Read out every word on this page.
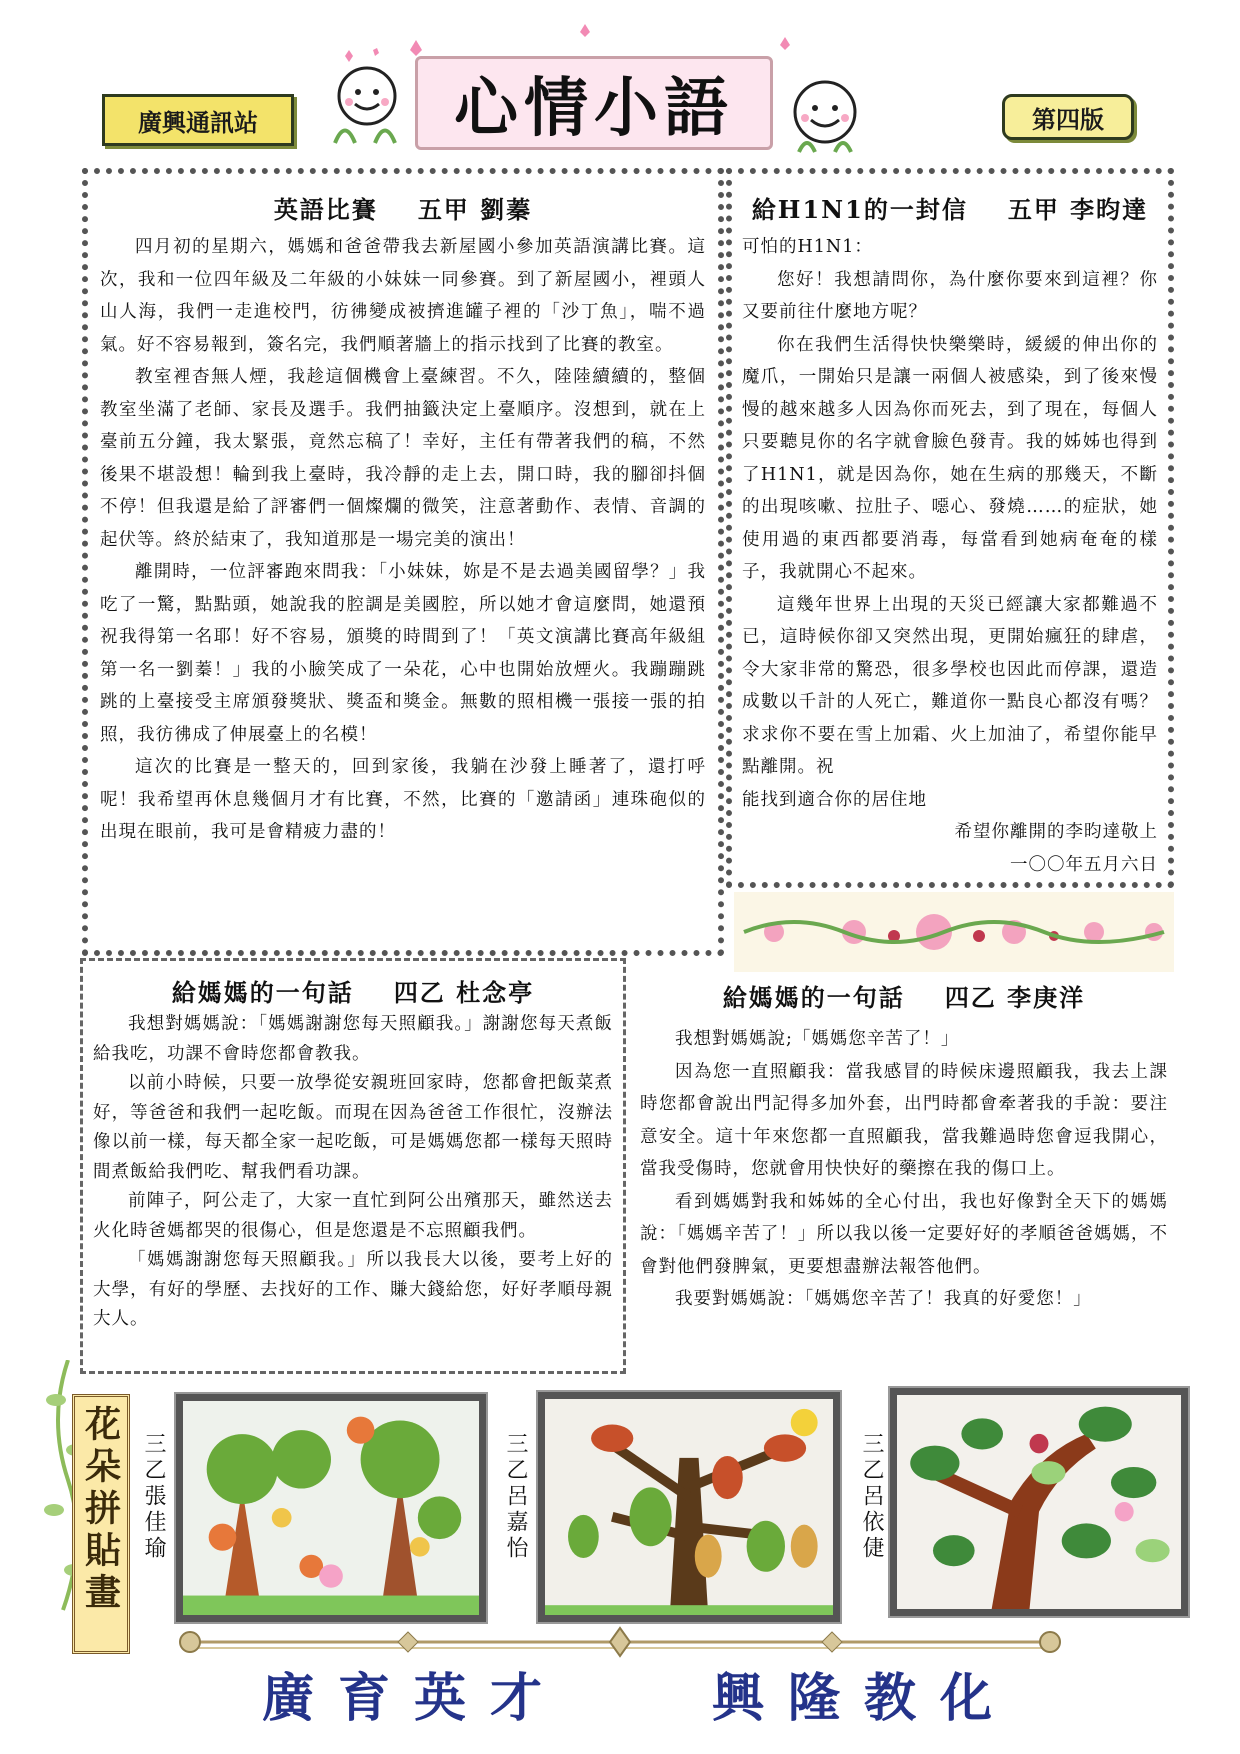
廣興通訊站	心情小語	第四版
英語比賽 五甲 劉蓁

四月初的星期六，媽媽和爸爸帶我去新屋國小參加英語演講比賽。這次，我和一位四年級及二年級的小妹妹一同參賽。到了新屋國小，裡頭人山人海，我們一走進校門，彷彿變成被擠進罐子裡的「沙丁魚」，喘不過氣。好不容易報到，簽名完，我們順著牆上的指示找到了比賽的教室。

教室裡杳無人煙，我趁這個機會上臺練習。不久，陸陸續續的，整個教室坐滿了老師、家長及選手。我們抽籤決定上臺順序。沒想到，就在上臺前五分鐘，我太緊張，竟然忘稿了！幸好，主任有帶著我們的稿，不然後果不堪設想！輪到我上臺時，我冷靜的走上去，開口時，我的腳卻抖個不停！但我還是給了評審們一個燦爛的微笑，注意著動作、表情、音調的起伏等。終於結束了，我知道那是一場完美的演出！

離開時，一位評審跑來問我：「小妹妹，妳是不是去過美國留學？」我吃了一驚，點點頭，她說我的腔調是美國腔，所以她才會這麼問，她還預祝我得第一名耶！好不容易，頒獎的時間到了！「英文演講比賽高年級組第一名一劉蓁！」我的小臉笑成了一朵花，心中也開始放煙火。我蹦蹦跳跳的上臺接受主席頒發獎狀、獎盃和獎金。無數的照相機一張接一張的拍照，我彷彿成了伸展臺上的名模！

這次的比賽是一整天的，回到家後，我躺在沙發上睡著了，還打呼呢！我希望再休息幾個月才有比賽，不然，比賽的「邀請函」連珠砲似的出現在眼前，我可是會精疲力盡的！

給H1N1的一封信 五甲 李昀達

可怕的H1N1：

您好！我想請問你，為什麼你要來到這裡？你又要前往什麼地方呢？

你在我們生活得快快樂樂時，緩緩的伸出你的魔爪，一開始只是讓一兩個人被感染，到了後來慢慢的越來越多人因為你而死去，到了現在，每個人只要聽見你的名字就會臉色發青。我的姊姊也得到了H1N1，就是因為你，她在生病的那幾天，不斷的出現咳嗽、拉肚子、噁心、發燒……的症狀，她使用過的東西都要消毒，每當看到她病奄奄的樣子，我就開心不起來。

這幾年世界上出現的天災已經讓大家都難過不已，這時候你卻又突然出現，更開始瘋狂的肆虐，令大家非常的驚恐，很多學校也因此而停課，還造成數以千計的人死亡，難道你一點良心都沒有嗎？求求你不要在雪上加霜、火上加油了，希望你能早點離開。祝

能找到適合你的居住地

希望你離開的李昀達敬上

一〇〇年五月六日

給媽媽的一句話 四乙 杜念亭

我想對媽媽說：「媽媽謝謝您每天照顧我。」謝謝您每天煮飯給我吃，功課不會時您都會教我。

以前小時候，只要一放學從安親班回家時，您都會把飯菜煮好，等爸爸和我們一起吃飯。而現在因為爸爸工作很忙，沒辦法像以前一樣，每天都全家一起吃飯，可是媽媽您都一樣每天照時間煮飯給我們吃、幫我們看功課。

前陣子，阿公走了，大家一直忙到阿公出殯那天，雖然送去火化時爸媽都哭的很傷心，但是您還是不忘照顧我們。

「媽媽謝謝您每天照顧我。」所以我長大以後，要考上好的大學，有好的學歷、去找好的工作、賺大錢給您，好好孝順母親大人。

給媽媽的一句話 四乙 李庚洋

我想對媽媽說;「媽媽您辛苦了！」

因為您一直照顧我：當我感冒的時候床邊照顧我，我去上課時您都會說出門記得多加外套，出門時都會牽著我的手說：要注意安全。這十年來您都一直照顧我，當我難過時您會逗我開心，當我受傷時，您就會用快快好的藥擦在我的傷口上。

看到媽媽對我和姊姊的全心付出，我也好像對全天下的媽媽說：「媽媽辛苦了！」所以我以後一定要好好的孝順爸爸媽媽，不會對他們發脾氣，更要想盡辦法報答他們。

我要對媽媽說：「媽媽您辛苦了！我真的好愛您！」

花朵拼貼畫 三乙張佳瑜	三乙呂嘉怡	三乙呂依倢
廣育英才	興隆教化
